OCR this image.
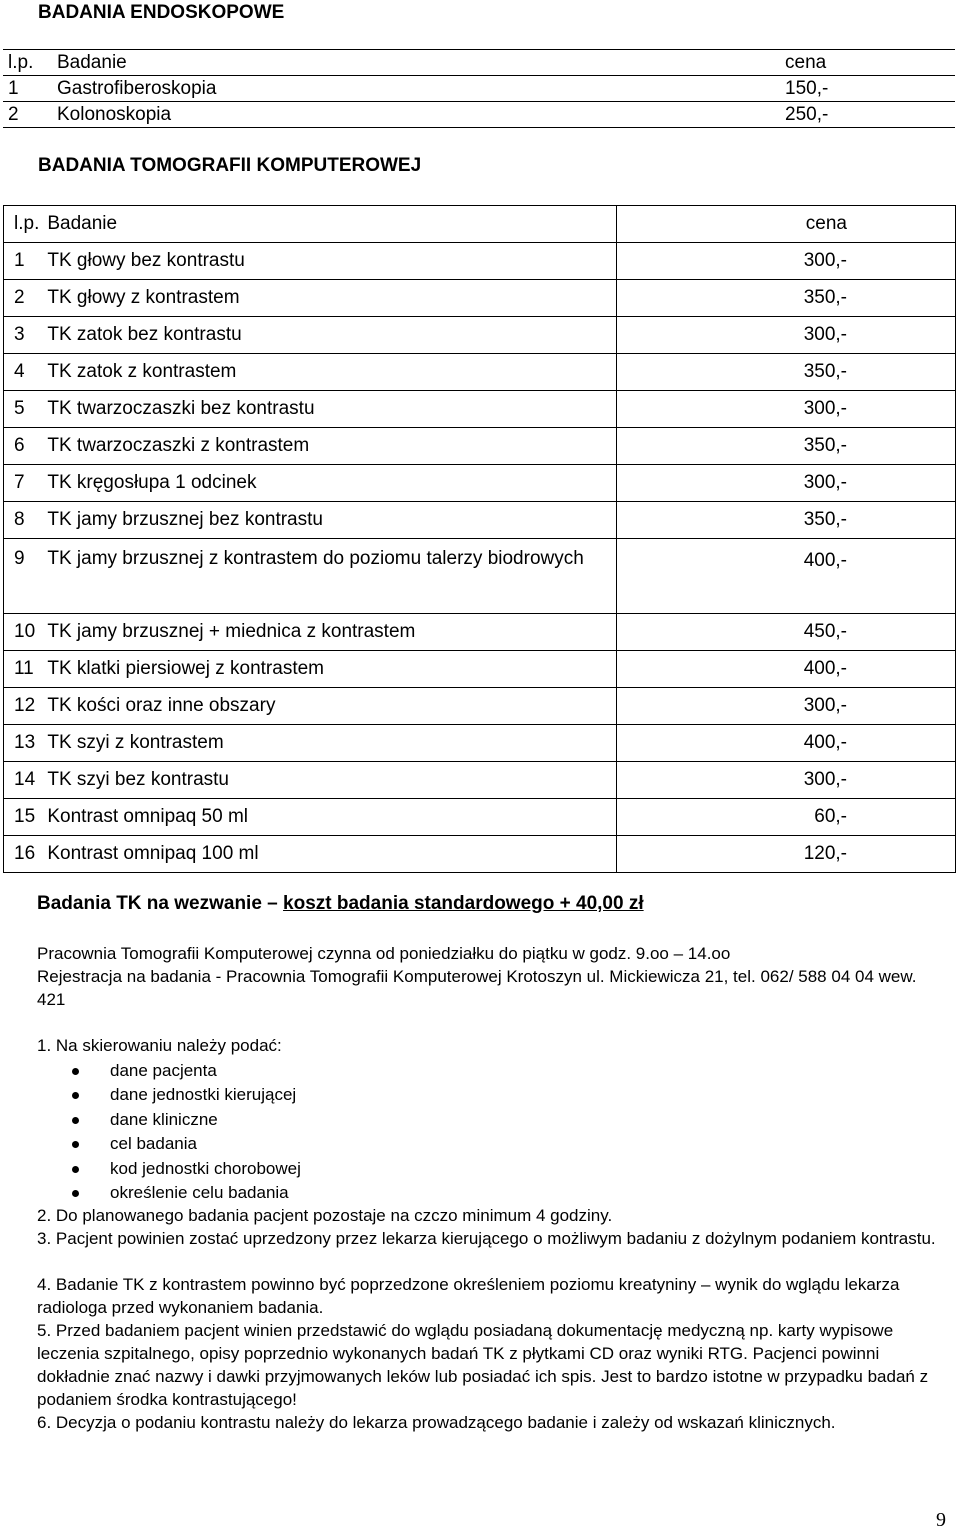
BADANIA ENDOSKOPOWE
l.p.	Badanie		cena
1	Gastrofiberoskopia		150,-
2	Kolonoskopia		250,-
BADANIA TOMOGRAFII KOMPUTEROWEJ
l.p.	Badanie	cena
1	TK głowy bez kontrastu	300,-
2	TK głowy z kontrastem	350,-
3	TK zatok bez kontrastu	300,-
4	TK zatok z kontrastem	350,-
5	TK twarzoczaszki bez kontrastu	300,-
6	TK twarzoczaszki z kontrastem	350,-
7	TK kręgosłupa 1 odcinek	300,-
8	TK jamy brzusznej bez kontrastu	350,-
9	TK jamy brzusznej z kontrastem do poziomu talerzy biodrowych	400,-
10	TK jamy brzusznej + miednica z kontrastem	450,-
11	TK klatki piersiowej z kontrastem	400,-
12	TK kości oraz inne obszary	300,-
13	TK szyi z kontrastem	400,-
14	TK szyi bez kontrastu	300,-
15	Kontrast omnipaq 50 ml	60,-
16	Kontrast omnipaq 100 ml	120,-
Badania TK na wezwanie – koszt badania standardowego + 40,00 zł
Pracownia Tomografii Komputerowej czynna od poniedziałku do piątku w godz. 9.oo – 14.oo
Rejestracja na badania - Pracownia Tomografii Komputerowej Krotoszyn ul. Mickiewicza 21, tel. 062/ 588 04 04 wew. 421
1. Na skierowaniu należy podać:
dane pacjenta
dane jednostki kierującej
dane kliniczne
cel badania
kod jednostki chorobowej
określenie celu badania
2. Do planowanego badania pacjent pozostaje na czczo minimum 4 godziny.
3. Pacjent powinien zostać uprzedzony przez lekarza kierującego o możliwym badaniu z dożylnym podaniem kontrastu.
4. Badanie TK z kontrastem powinno być poprzedzone określeniem poziomu kreatyniny – wynik do wglądu lekarza radiologa przed wykonaniem badania.
5. Przed badaniem pacjent winien przedstawić do wglądu posiadaną dokumentację medyczną np. karty wypisowe leczenia szpitalnego, opisy poprzednio wykonanych badań TK z płytkami CD oraz wyniki RTG. Pacjenci powinni dokładnie znać nazwy i dawki przyjmowanych leków lub posiadać ich spis. Jest to bardzo istotne w przypadku badań z podaniem środka kontrastującego!
6. Decyzja o podaniu kontrastu należy do lekarza prowadzącego badanie i zależy od wskazań klinicznych.
9
